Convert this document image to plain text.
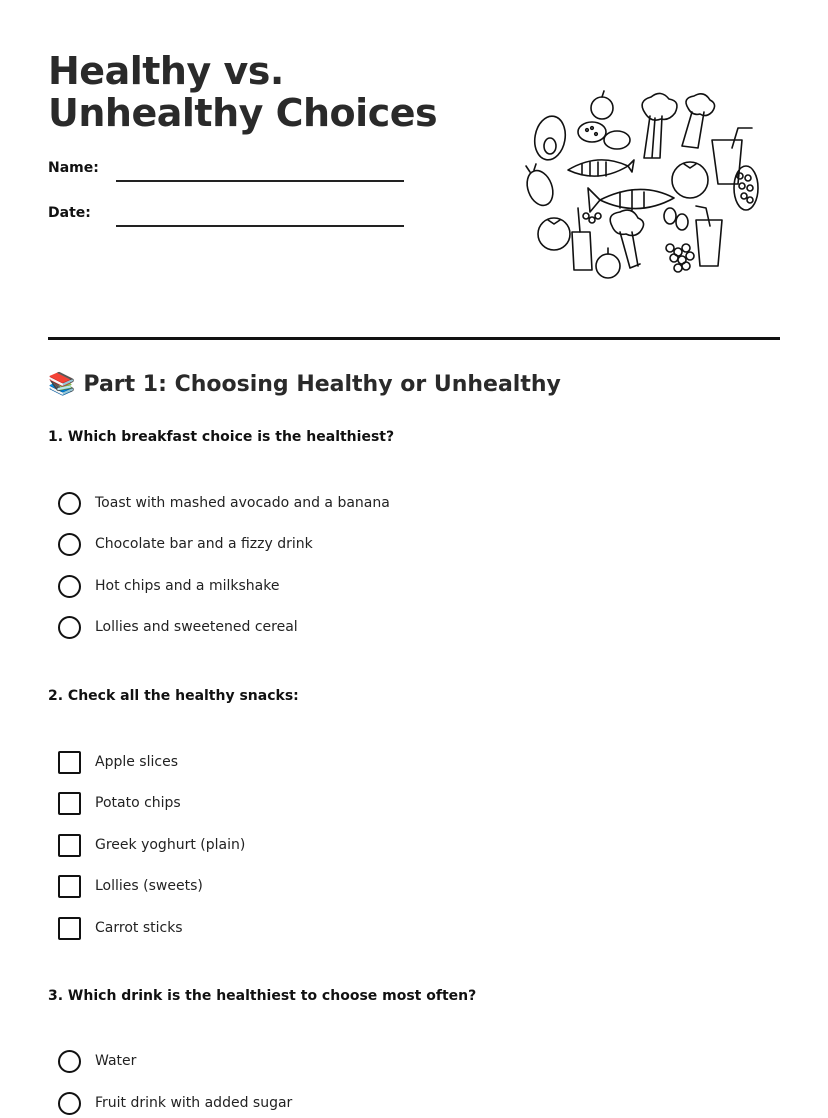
Healthy vs. Unhealthy Choices
Name:
Date:
📚 Part 1: Choosing Healthy or Unhealthy
1. Which breakfast choice is the healthiest?
Toast with mashed avocado and a banana
Chocolate bar and a fizzy drink
Hot chips and a milkshake
Lollies and sweetened cereal
2. Check all the healthy snacks:
Apple slices
Potato chips
Greek yoghurt (plain)
Lollies (sweets)
Carrot sticks
3. Which drink is the healthiest to choose most often?
Water
Fruit drink with added sugar
